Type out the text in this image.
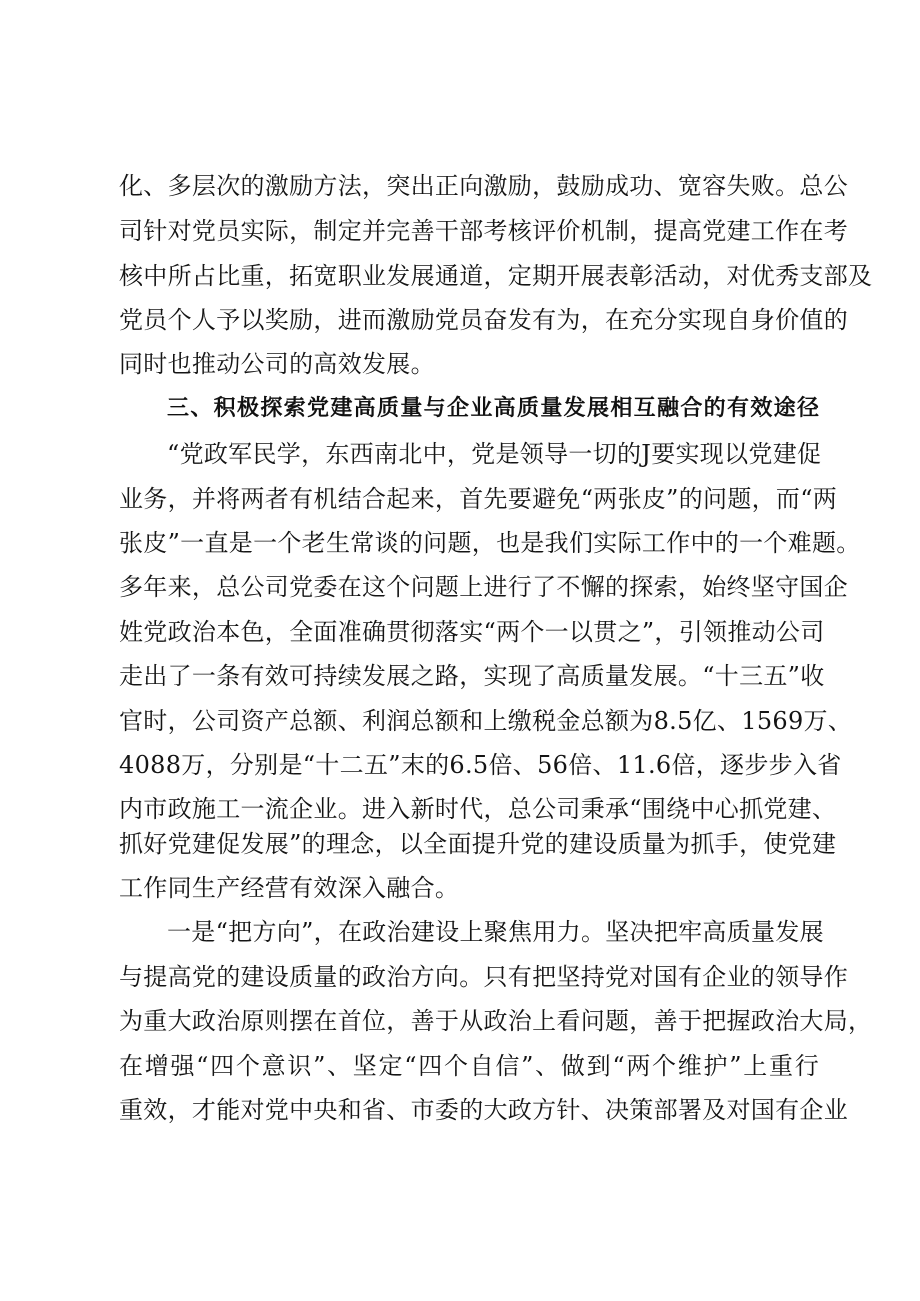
化、多层次的激励方法，突出正向激励，鼓励成功、宽容失败。总公
司针对党员实际，制定并完善干部考核评价机制，提高党建工作在考
核中所占比重，拓宽职业发展通道，定期开展表彰活动，对优秀支部及
党员个人予以奖励，进而激励党员奋发有为，在充分实现自身价值的
同时也推动公司的高效发展。
三、积极探索党建高质量与企业高质量发展相互融合的有效途径
“党政军民学，东西南北中，党是领导一切的J要实现以党建促
业务，并将两者有机结合起来，首先要避免“两张皮”的问题，而“两
张皮”一直是一个老生常谈的问题，也是我们实际工作中的一个难题。
多年来，总公司党委在这个问题上进行了不懈的探索，始终坚守国企
姓党政治本色，全面准确贯彻落实“两个一以贯之”，引领推动公司
走出了一条有效可持续发展之路，实现了高质量发展。“十三五”收
官时，公司资产总额、利润总额和上缴税金总额为8.5亿、1569万、
4088万，分别是“十二五”末的6.5倍、56倍、11.6倍，逐步步入省
内市政施工一流企业。进入新时代，总公司秉承“围绕中心抓党建、
抓好党建促发展”的理念，以全面提升党的建设质量为抓手，使党建
工作同生产经营有效深入融合。
一是“把方向”，在政治建设上聚焦用力。坚决把牢高质量发展
与提高党的建设质量的政治方向。只有把坚持党对国有企业的领导作
为重大政治原则摆在首位，善于从政治上看问题，善于把握政治大局，
在增强“四个意识”、坚定“四个自信”、做到“两个维护”上重行
重效，才能对党中央和省、市委的大政方针、决策部署及对国有企业
